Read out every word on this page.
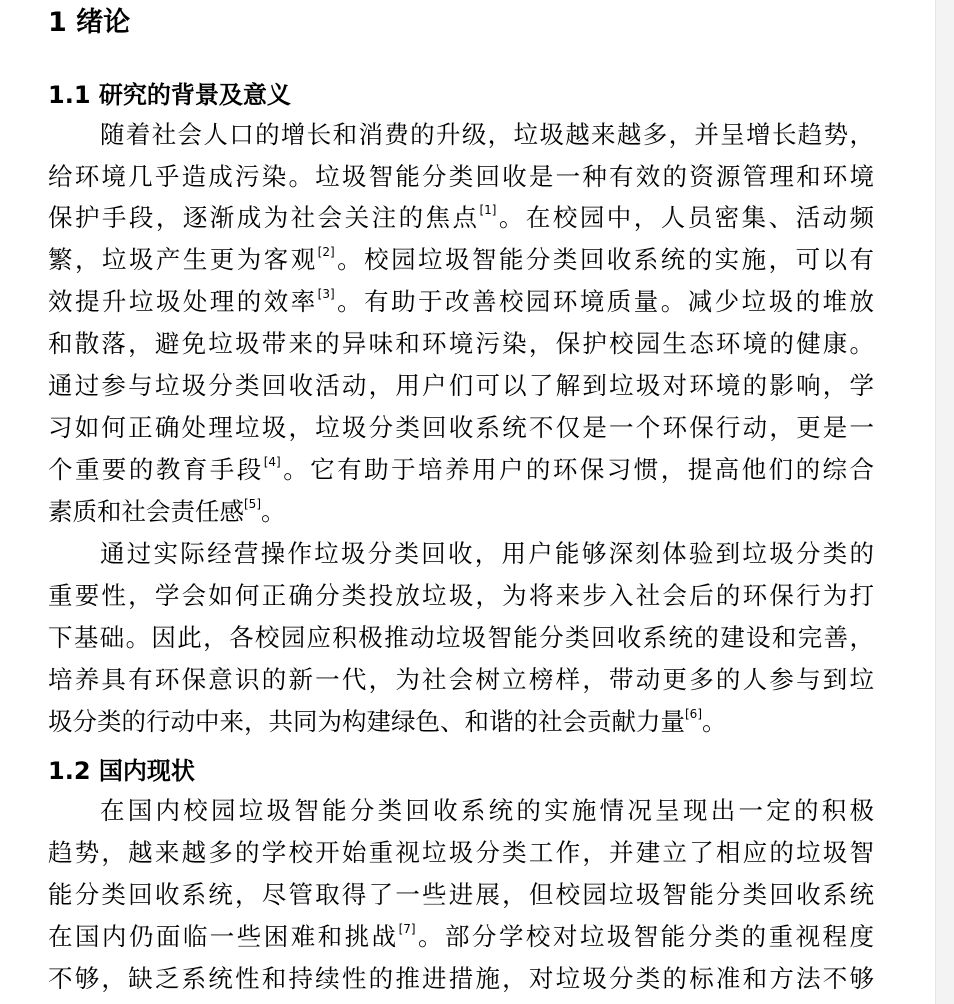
1 绪论
1.1 研究的背景及意义
随着社会人口的增长和消费的升级，垃圾越来越多，并呈增长趋势，
给环境几乎造成污染。垃圾智能分类回收是一种有效的资源管理和环境
保护手段，逐渐成为社会关注的焦点[1]。在校园中，人员密集、活动频
繁，垃圾产生更为客观[2]。校园垃圾智能分类回收系统的实施，可以有
效提升垃圾处理的效率[3]。有助于改善校园环境质量。减少垃圾的堆放
和散落，避免垃圾带来的异味和环境污染，保护校园生态环境的健康。
通过参与垃圾分类回收活动，用户们可以了解到垃圾对环境的影响，学
习如何正确处理垃圾，垃圾分类回收系统不仅是一个环保行动，更是一
个重要的教育手段[4]。它有助于培养用户的环保习惯，提高他们的综合
素质和社会责任感[5]。
通过实际经营操作垃圾分类回收，用户能够深刻体验到垃圾分类的
重要性，学会如何正确分类投放垃圾，为将来步入社会后的环保行为打
下基础。因此，各校园应积极推动垃圾智能分类回收系统的建设和完善，
培养具有环保意识的新一代，为社会树立榜样，带动更多的人参与到垃
圾分类的行动中来，共同为构建绿色、和谐的社会贡献力量[6]。
1.2 国内现状
在国内校园垃圾智能分类回收系统的实施情况呈现出一定的积极
趋势，越来越多的学校开始重视垃圾分类工作，并建立了相应的垃圾智
能分类回收系统，尽管取得了一些进展，但校园垃圾智能分类回收系统
在国内仍面临一些困难和挑战[7]。部分学校对垃圾智能分类的重视程度
不够，缺乏系统性和持续性的推进措施，对垃圾分类的标准和方法不够
